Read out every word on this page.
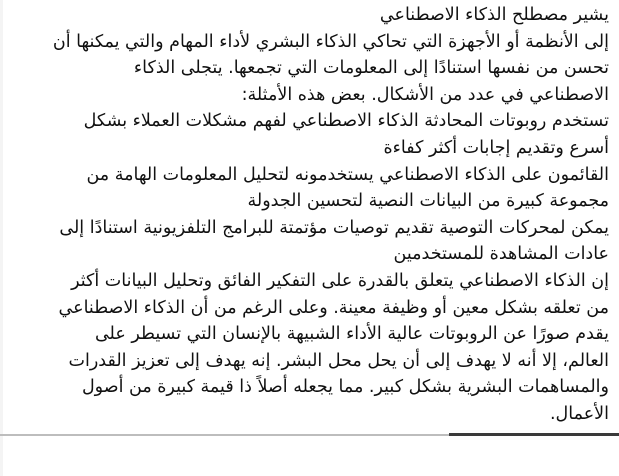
يشير مصطلح الذكاء الاصطناعي
إلى الأنظمة أو الأجهزة التي تحاكي الذكاء البشري لأداء المهام والتي يمكنها أن
تحسن من نفسها استنادًا إلى المعلومات التي تجمعها. يتجلى الذكاء
الاصطناعي في عدد من الأشكال. بعض هذه الأمثلة:
تستخدم روبوتات المحادثة الذكاء الاصطناعي لفهم مشكلات العملاء بشكل
أسرع وتقديم إجابات أكثر كفاءة
القائمون على الذكاء الاصطناعي يستخدمونه لتحليل المعلومات الهامة من
مجموعة كبيرة من البيانات النصية لتحسين الجدولة
يمكن لمحركات التوصية تقديم توصيات مؤتمتة للبرامج التلفزيونية استنادًا إلى
عادات المشاهدة للمستخدمين
إن الذكاء الاصطناعي يتعلق بالقدرة على التفكير الفائق وتحليل البيانات أكثر
من تعلقه بشكل معين أو وظيفة معينة. وعلى الرغم من أن الذكاء الاصطناعي
يقدم صورًا عن الروبوتات عالية الأداء الشبيهة بالإنسان التي تسيطر على
العالم، إلا أنه لا يهدف إلى أن يحل محل البشر. إنه يهدف إلى تعزيز القدرات
والمساهمات البشرية بشكل كبير. مما يجعله أصلاً ذا قيمة كبيرة من أصول
الأعمال.
